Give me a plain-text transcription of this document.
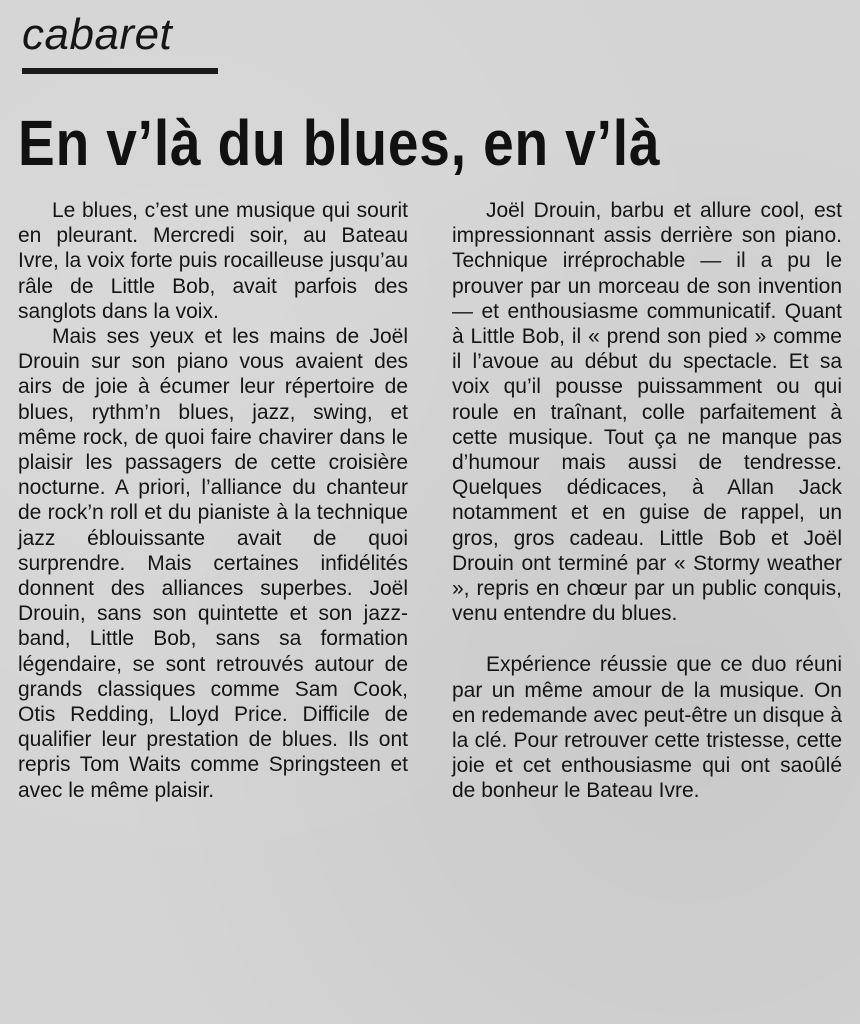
cabaret
En v’là du blues, en v’là

Le blues, c’est une musique qui sourit en pleurant. Mercredi soir, au Bateau Ivre, la voix forte puis rocailleuse jusqu’au râle de Little Bob, avait parfois des sanglots dans la voix.

Mais ses yeux et les mains de Joël Drouin sur son piano vous avaient des airs de joie à écumer leur répertoire de blues, rythm’n blues, jazz, swing, et même rock, de quoi faire chavirer dans le plaisir les passagers de cette croisière nocturne. A priori, l’alliance du chanteur de rock’n roll et du pianiste à la technique jazz éblouissante avait de quoi surprendre. Mais certaines infidélités donnent des alliances superbes. Joël Drouin, sans son quintette et son jazz-band, Little Bob, sans sa formation légendaire, se sont retrouvés autour de grands classiques comme Sam Cook, Otis Redding, Lloyd Price. Difficile de qualifier leur prestation de blues. Ils ont repris Tom Waits comme Springsteen et avec le même plaisir.

Joël Drouin, barbu et allure cool, est impressionnant assis derrière son piano. Technique irréprochable — il a pu le prouver par un morceau de son invention — et enthousiasme communicatif. Quant à Little Bob, il « prend son pied » comme il l’avoue au début du spectacle. Et sa voix qu’il pousse puissamment ou qui roule en traînant, colle parfaitement à cette musique. Tout ça ne manque pas d’humour mais aussi de tendresse. Quelques dédicaces, à Allan Jack notamment et en guise de rappel, un gros, gros cadeau. Little Bob et Joël Drouin ont terminé par « Stormy weather », repris en chœur par un public conquis, venu entendre du blues.

Expérience réussie que ce duo réuni par un même amour de la musique. On en redemande avec peut-être un disque à la clé. Pour retrouver cette tristesse, cette joie et cet enthousiasme qui ont saoûlé de bonheur le Bateau Ivre.
